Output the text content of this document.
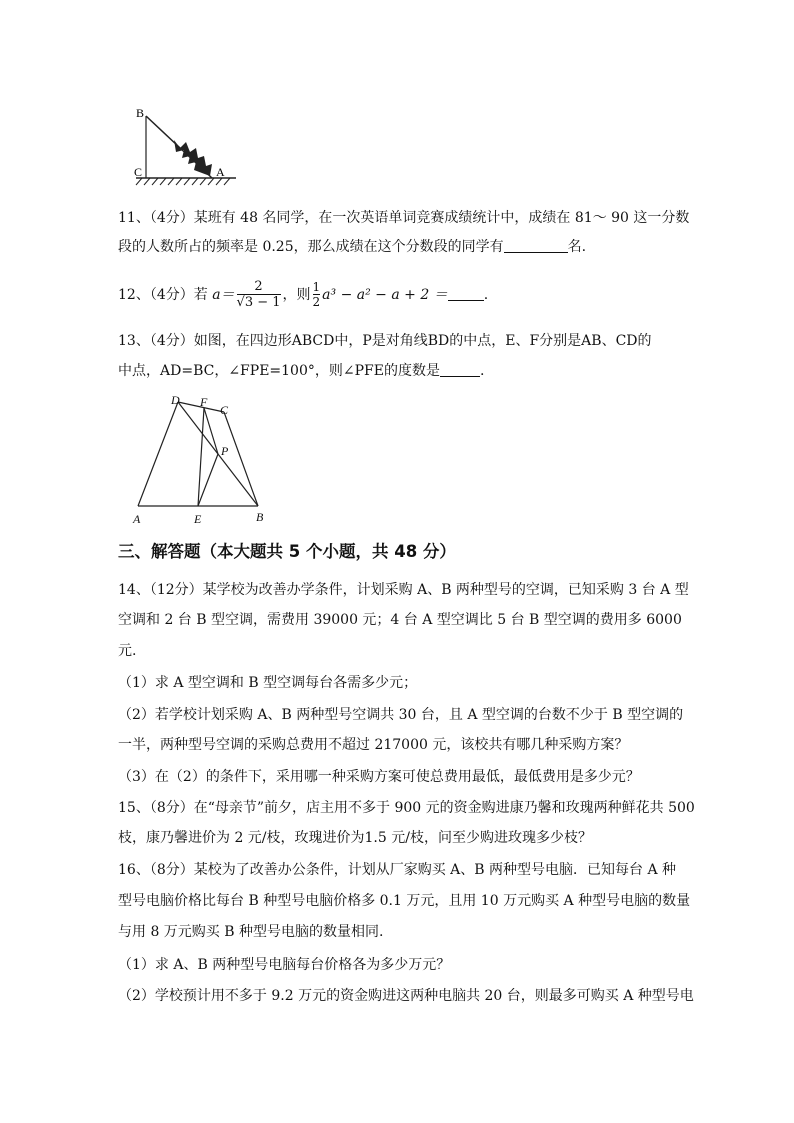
B
C	A
11、（4分）某班有 48 名同学，在一次英语单词竞赛成绩统计中，成绩在 81～ 90 这一分数
段的人数所占的频率是 0.25，那么成绩在这个分数段的同学有	名.
12、（4分）若 $a= \frac{2}{√3 - 1}$ ，则 $\frac{1}{2} a^3 - a^2 - a + 2$ ＝	.
13、（4分）如图，在四边形ABCD中，P是对角线BD的中点，E、F分别是AB、CD的
中点，AD=BC，∠FPE=100°，则∠PFE的度数是	.
D F
C
P
A	E	B
三、解答题（本大题共 5 个小题，共 48 分）
14、（12分）某学校为改善办学条件，计划采购 A、B 两种型号的空调，已知采购 3 台 A 型
空调和 2 台 B 型空调，需费用 39000 元；4 台 A 型空调比 5 台 B 型空调的费用多 6000
元.
（1）求 A 型空调和 B 型空调每台各需多少元；
（2）若学校计划采购 A、B 两种型号空调共 30 台，且 A 型空调的台数不少于 B 型空调的
一半，两种型号空调的采购总费用不超过 217000 元，该校共有哪几种采购方案？
（3）在（2）的条件下，采用哪一种采购方案可使总费用最低，最低费用是多少元？
15、（8分）在“母亲节”前夕，店主用不多于 900 元的资金购进康乃馨和玫瑰两种鲜花共 500
枝，康乃馨进价为 2 元/枝，玫瑰进价为1.5 元/枝，问至少购进玫瑰多少枝？
16、（8分）某校为了改善办公条件，计划从厂家购买 A、B 两种型号电脑．已知每台 A 种
型号电脑价格比每台 B 种型号电脑价格多 0.1 万元，且用 10 万元购买 A 种型号电脑的数量
与用 8 万元购买 B 种型号电脑的数量相同.
（1）求 A、B 两种型号电脑每台价格各为多少万元？
（2）学校预计用不多于 9.2 万元的资金购进这两种电脑共 20 台，则最多可购买 A 种型号电
